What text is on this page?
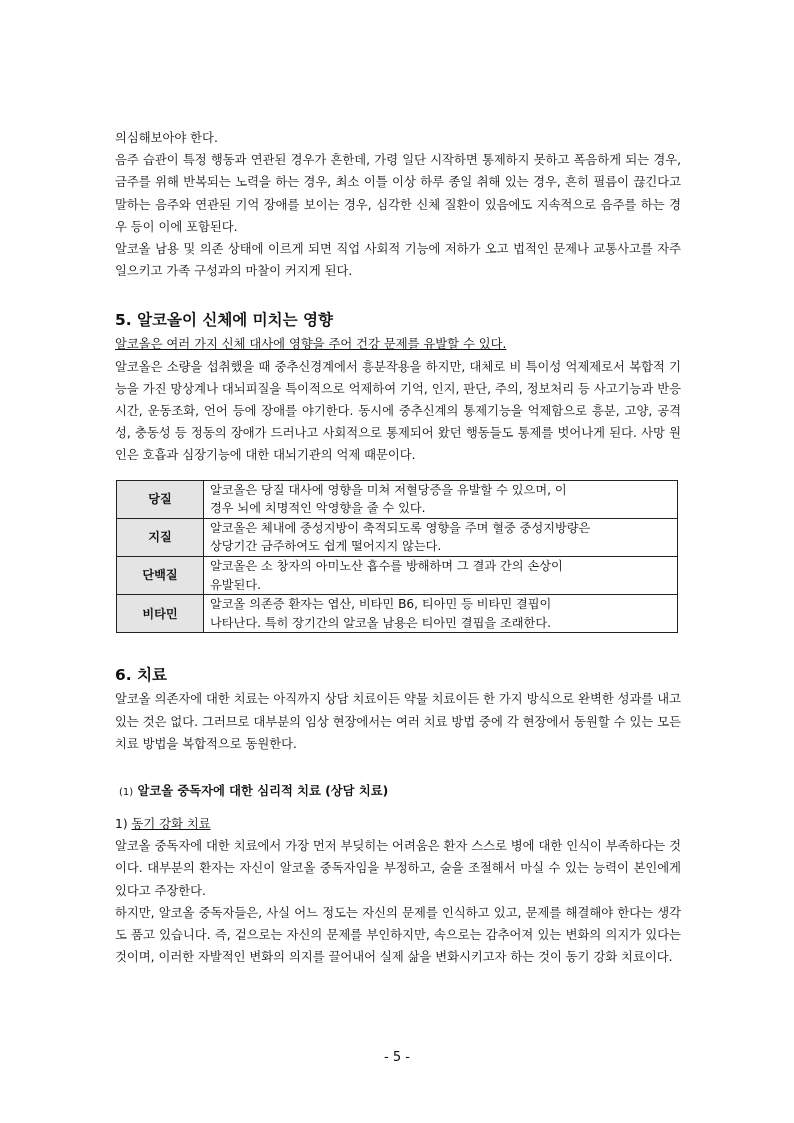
의심해보아야 한다.

음주 습관이 특정 행동과 연관된 경우가 흔한데, 가령 일단 시작하면 통제하지 못하고 폭음하게 되는 경우, 금주를 위해 반복되는 노력을 하는 경우, 최소 이틀 이상 하루 종일 취해 있는 경우, 흔히 필름이 끊긴다고 말하는 음주와 연관된 기억 장애를 보이는 경우, 심각한 신체 질환이 있음에도 지속적으로 음주를 하는 경우 등이 이에 포함된다.

알코올 남용 및 의존 상태에 이르게 되면 직업 사회적 기능에 저하가 오고 법적인 문제나 교통사고를 자주 일으키고 가족 구성과의 마찰이 커지게 된다.

5. 알코올이 신체에 미치는 영향

알코올은 여러 가지 신체 대사에 영향을 주어 건강 문제를 유발할 수 있다.

알코올은 소량을 섭취했을 때 중추신경계에서 흥분작용을 하지만, 대체로 비 특이성 억제제로서 복합적 기능을 가진 망상계나 대뇌피질을 특이적으로 억제하여 기억, 인지, 판단, 주의, 정보처리 등 사고기능과 반응시간, 운동조화, 언어 등에 장애를 야기한다. 동시에 중추신계의 통제기능을 억제함으로 흥분, 고양, 공격성, 충동성 등 정동의 장애가 드러나고 사회적으로 통제되어 왔던 행동들도 통제를 벗어나게 된다. 사망 원인은 호흡과 심장기능에 대한 대뇌기관의 억제 때문이다.

당질	알코올은 당질 대사에 영향을 미쳐 저혈당증을 유발할 수 있으며, 이
경우 뇌에 치명적인 악영향을 줄 수 있다.

지질	알코올은 체내에 중성지방이 축적되도록 영향을 주며 혈중 중성지방량은
상당기간 금주하여도 쉽게 떨어지지 않는다.

단백질	알코올은 소 창자의 아미노산 흡수를 방해하며 그 결과 간의 손상이
유발된다.

비타민	알코올 의존증 환자는 엽산, 비타민 B6, 티아민 등 비타민 결핍이
나타난다. 특히 장기간의 알코올 남용은 티아민 결핍을 조래한다.
6. 치료

알코올 의존자에 대한 치료는 아직까지 상담 치료이든 약물 치료이든 한 가지 방식으로 완벽한 성과를 내고 있는 것은 없다. 그러므로 대부분의 임상 현장에서는 여러 치료 방법 중에 각 현장에서 동원할 수 있는 모든 치료 방법을 복합적으로 동원한다.

(1) 알코올 중독자에 대한 심리적 치료 (상담 치료)

1) 동기 강화 치료

알코올 중독자에 대한 치료에서 가장 먼저 부딪히는 어려움은 환자 스스로 병에 대한 인식이 부족하다는 것이다. 대부분의 환자는 자신이 알코올 중독자임을 부정하고, 술을 조절해서 마실 수 있는 능력이 본인에게 있다고 주장한다.

하지만, 알코올 중독자들은, 사실 어느 정도는 자신의 문제를 인식하고 있고, 문제를 해결해야 한다는 생각도 품고 있습니다. 즉, 겉으로는 자신의 문제를 부인하지만, 속으로는 감추어져 있는 변화의 의지가 있다는 것이며, 이러한 자발적인 변화의 의지를 끌어내어 실제 삶을 변화시키고자 하는 것이 동기 강화 치료이다.

- 5 -
